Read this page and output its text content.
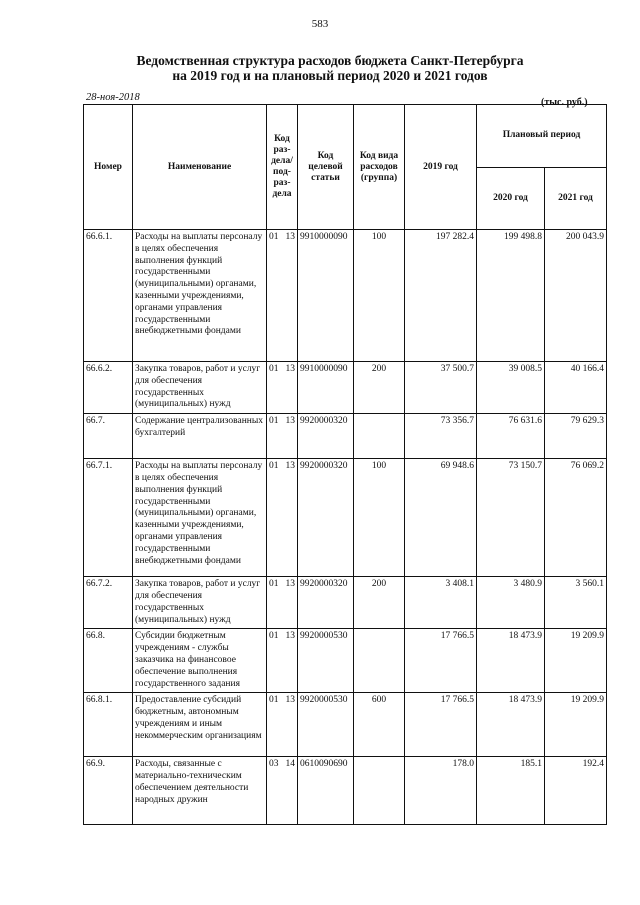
583
Ведомственная структура расходов бюджета Санкт-Петербурга
на 2019 год и на плановый период 2020 и 2021 годов
28-ноя-2018	(тыс. руб.)
Номер	Наименование	Код раз- дела/ под- раз- дела	Код целевой статьи	Код вида расходов (группа)	2019 год	Плановый период	
						2020 год	2021 год
66.6.1.	Расходы на выплаты персоналу в целях обеспечения выполнения функций государственными (муниципальными) органами, казенными учреждениями, органами управления государственными внебюджетными фондами	01 13	9910000090	100	197 282.4	199 498.8	200 043.9
66.6.2.	Закупка товаров, работ и услуг для обеспечения государственных (муниципальных) нужд	01 13	9910000090	200	37 500.7	39 008.5	40 166.4
66.7.	Содержание централизованных бухгалтерий	01 13	9920000320		73 356.7	76 631.6	79 629.3
66.7.1.	Расходы на выплаты персоналу в целях обеспечения выполнения функций государственными (муниципальными) органами, казенными учреждениями, органами управления государственными внебюджетными фондами	01 13	9920000320	100	69 948.6	73 150.7	76 069.2
66.7.2.	Закупка товаров, работ и услуг для обеспечения государственных (муниципальных) нужд	01 13	9920000320	200	3 408.1	3 480.9	3 560.1
66.8.	Субсидии бюджетным учреждениям - службы заказчика на финансовое обеспечение выполнения государственного задания	01 13	9920000530		17 766.5	18 473.9	19 209.9
66.8.1.	Предоставление субсидий бюджетным, автономным учреждениям и иным некоммерческим организациям	01 13	9920000530	600	17 766.5	18 473.9	19 209.9
66.9.	Расходы, связанные с материально-техническим обеспечением деятельности народных дружин	03 14	0610090690		178.0	185.1	192.4
